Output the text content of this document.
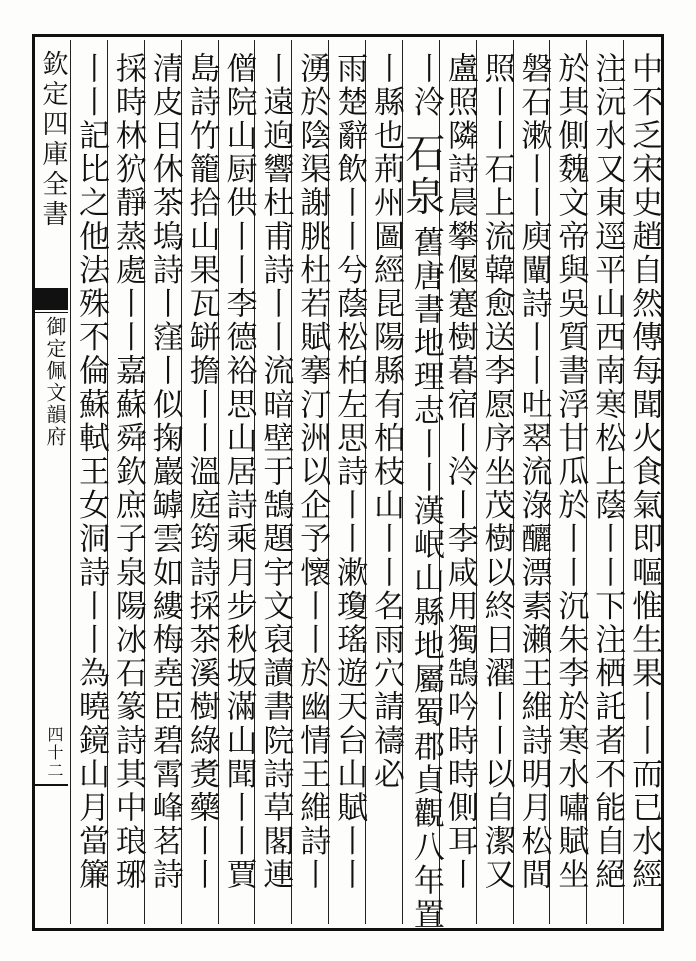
欽定四庫全書
御定佩文韻府
四十二	中不乏宋史趙自然傳每聞火食氣即嘔惟生果丨丨而已水經
注沅水又東逕平山西南寒松上蔭丨丨下注栖託者不能自絕
於其側魏文帝與吳質書浮甘瓜於丨丨沉朱李於寒水嘯賦坐
磐石漱丨丨庾闡詩丨丨吐翠流淥釃漂素瀨王維詩明月松間
照丨丨石上流韓愈送李愿序坐茂樹以終日濯丨丨以自潔又
盧照隣詩晨攀偃蹇樹暮宿丨泠丨李咸用獨鵠吟時時側耳丨
丨泠
石泉
舊唐書地理志丨丨漢岷山縣地屬蜀郡貞觀八年置
丨縣也荊州圖經昆陽縣有柏枝山丨丨名雨穴請禱必
雨楚辭飲丨丨兮蔭松柏左思詩丨丨漱瓊瑤遊天台山賦丨丨
湧於陰渠謝朓杜若賦搴汀洲以企予懷丨丨於幽情王維詩丨
丨遠逈響杜甫詩丨丨流暗壁于鵠題宇文裒讀書院詩草閣連
僧院山厨供丨丨李德裕思山居詩乘月步秋坂滿山聞丨丨賈
島詩竹籠拾山果瓦缾擔丨丨溫庭筠詩採茶溪樹綠煑藥丨丨
清皮日休茶塢詩丨窪丨似掬巖罅雲如縷梅堯臣碧霄峰茗詩
採時林狖靜蒸處丨丨嘉蘇舜欽庶子泉陽冰石篆詩其中琅琊
丨丨記比之他法殊不倫蘇軾王女洞詩丨丨為曉鏡山月當簾
